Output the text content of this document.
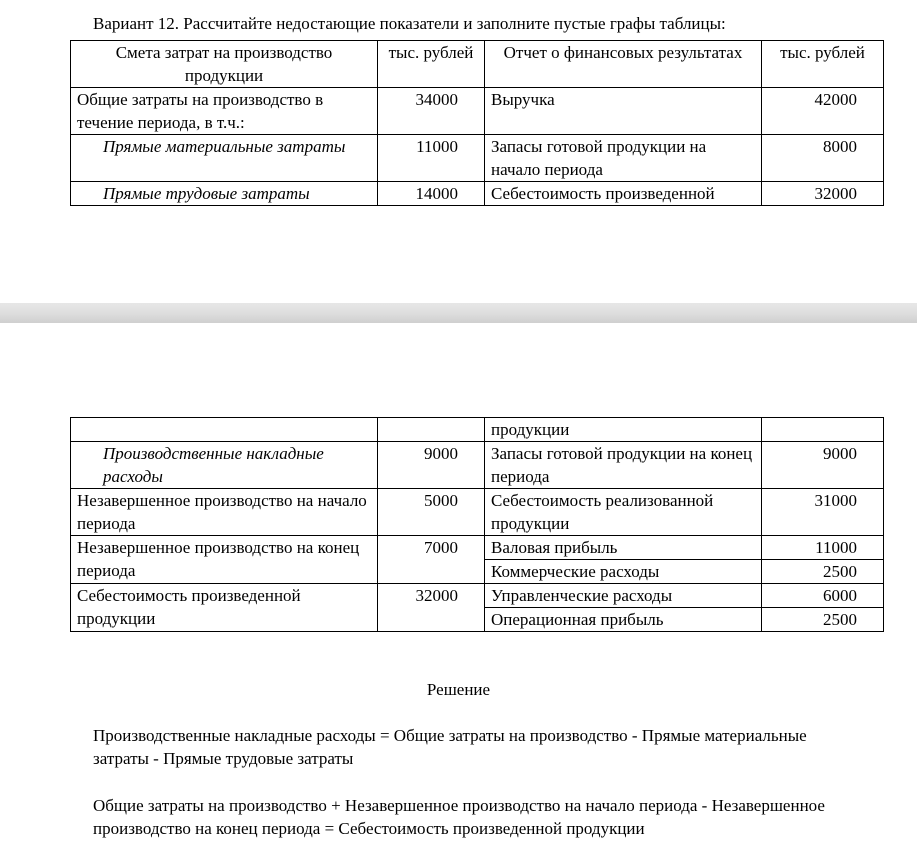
Вариант 12. Рассчитайте недостающие показатели и заполните пустые графы таблицы:
Смета затрат на производство продукции	тыс. рублей	Отчет о финансовых результатах	тыс. рублей
Общие затраты на производство в течение периода, в т.ч.:	34000	Выручка	42000
Прямые материальные затраты	11000	Запасы готовой продукции на начало периода	8000
Прямые трудовые затраты	14000	Себестоимость произведенной	32000
		продукции	
Производственные накладные расходы	9000	Запасы готовой продукции на конец периода	9000
Незавершенное производство на начало периода	5000	Себестоимость реализованной продукции	31000
Незавершенное производство на конец периода	7000	Валовая прибыль	11000
		Коммерческие расходы	2500
Себестоимость произведенной продукции	32000	Управленческие расходы	6000
		Операционная прибыль	2500
Решение
Производственные накладные расходы = Общие затраты на производство - Прямые материальные затраты - Прямые трудовые затраты
Общие затраты на производство + Незавершенное производство на начало периода - Незавершенное производство на конец периода = Себестоимость произведенной продукции
